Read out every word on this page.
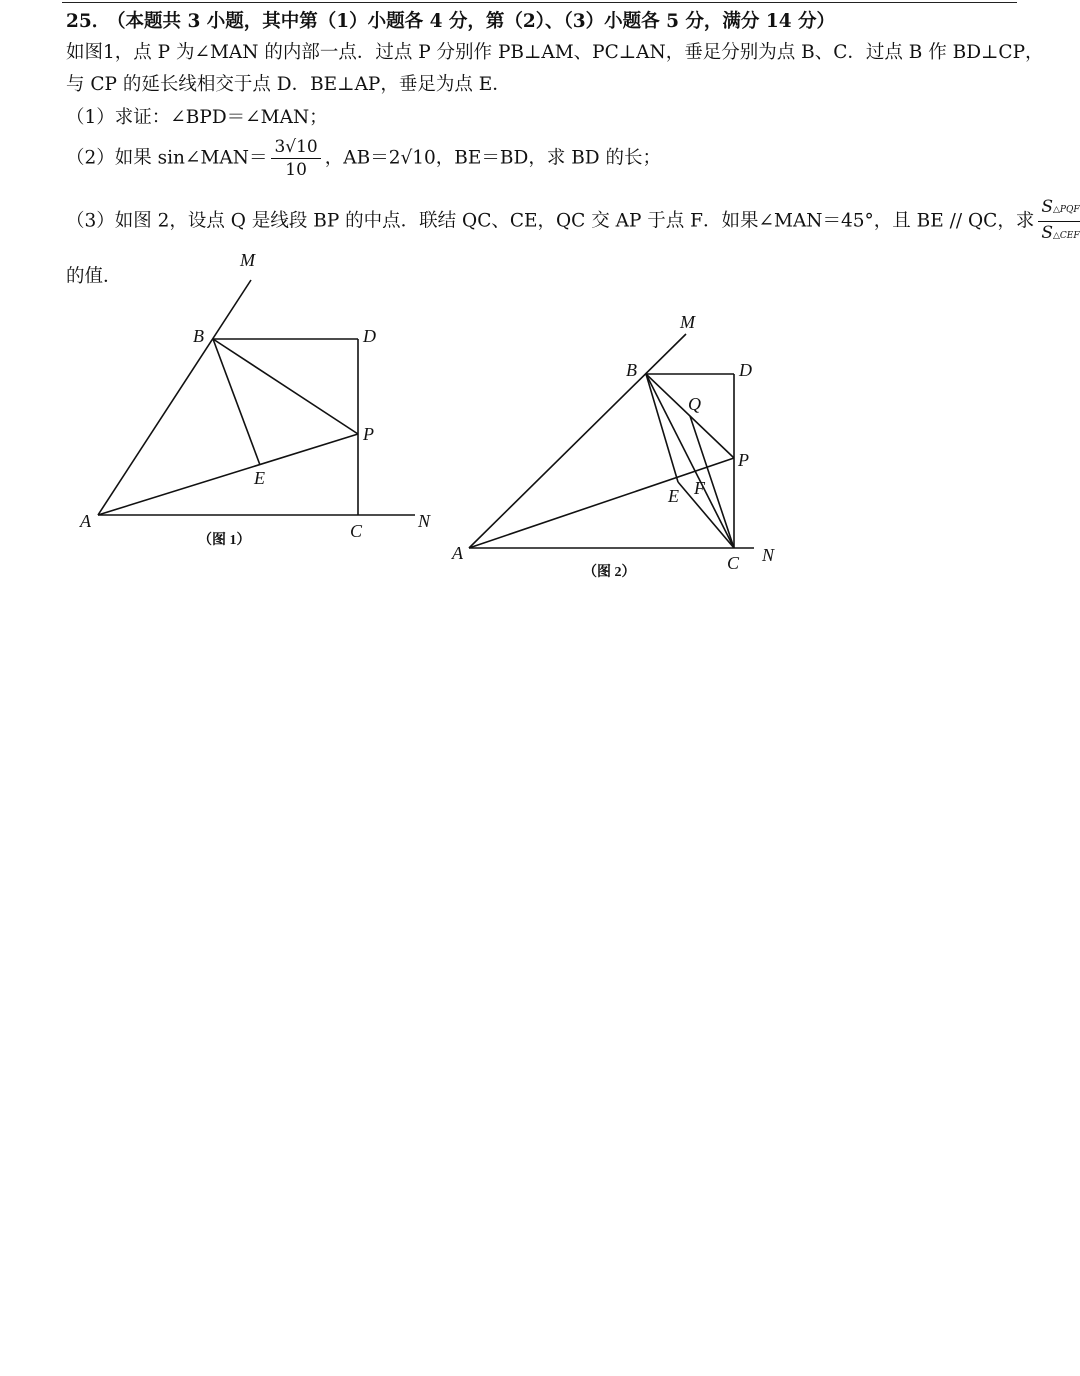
25． （本题共 3 小题，其中第（1）小题各 4 分，第（2）、（3）小题各 5 分，满分 14 分）
如图1，点 P 为∠MAN 的内部一点．过点 P 分别作 PB⊥AM、PC⊥AN，垂足分别为点 B、C．过点 B 作 BD⊥CP，
与 CP 的延长线相交于点 D．BE⊥AP，垂足为点 E．
（1）求证：∠BPD＝∠MAN；
（2）如果 sin∠MAN＝ $\frac{3√10}{10}$ ，AB＝2√10，BE＝BD，求 BD 的长；
（3）如图 2，设点 Q 是线段 BP 的中点．联结 QC、CE，QC 交 AP 于点 F．如果∠MAN＝45°，且 BE // QC，求 $\frac{\text{S△PQF}}{\text{S△CEF}}$
的值．
M
B	D
P
E
A	C	N
（图 1）
M
B	D
Q
P
E F
A	C N
（图 2）
